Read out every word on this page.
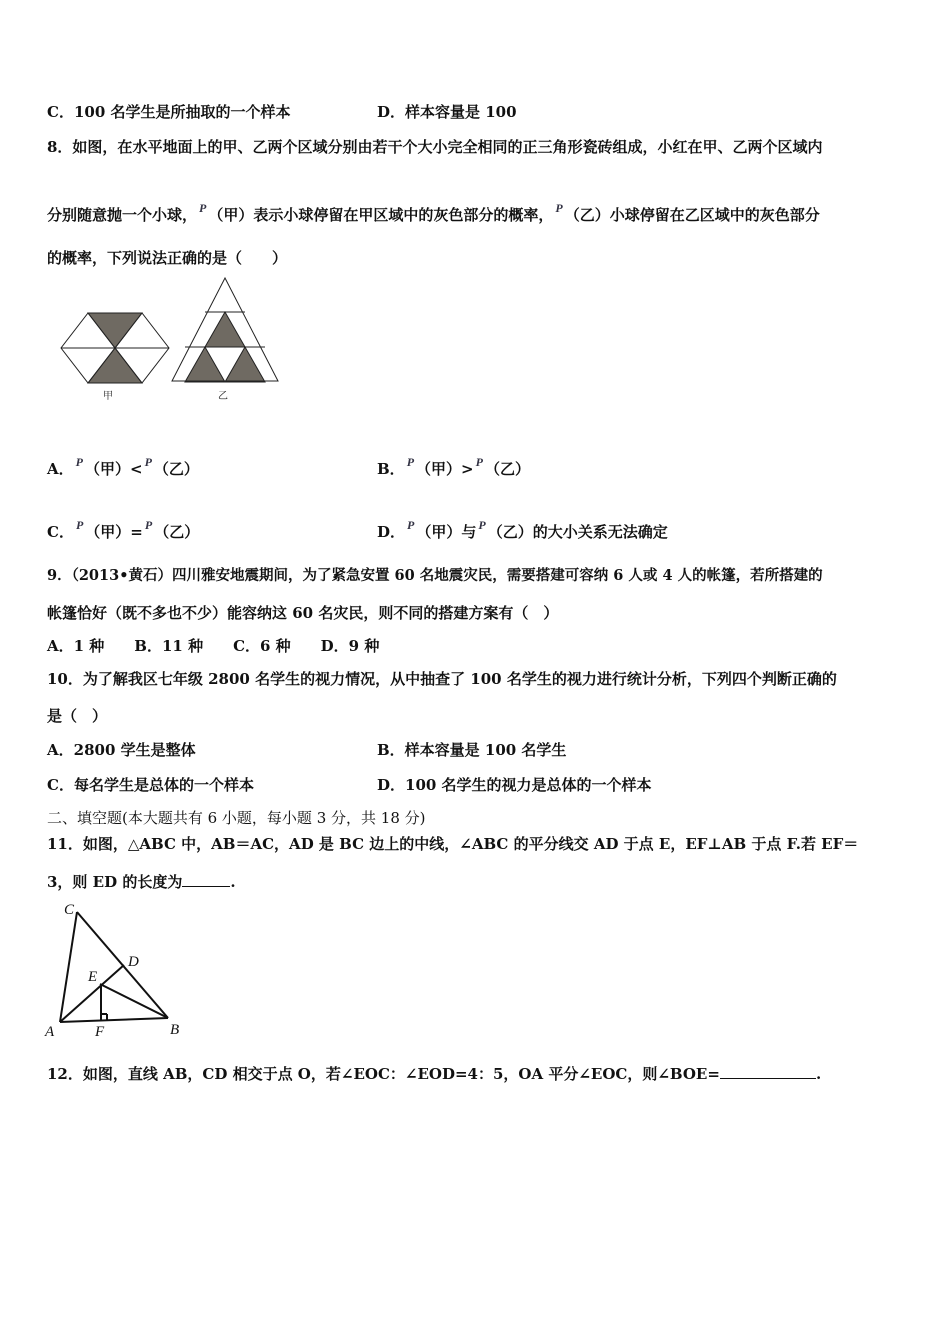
C．100 名学生是所抽取的一个样本	D．样本容量是 100
8．如图，在水平地面上的甲、乙两个区域分别由若干个大小完全相同的正三角形瓷砖组成，小红在甲、乙两个区域内
分别随意抛一个小球， $^P$ （甲）表示小球停留在甲区域中的灰色部分的概率， $^P$ （乙）小球停留在乙区域中的灰色部分
的概率，下列说法正确的是（　　）
甲	乙
A． $^P$ （甲）< $^P$ （乙）	B． $^P$ （甲）> $^P$ （乙）
C． $^P$ （甲）= $^P$ （乙）	D． $^P$ （甲）与 $^P$ （乙）的大小关系无法确定
9．（2013•黄石）四川雅安地震期间，为了紧急安置 60 名地震灾民，需要搭建可容纳 6 人或 4 人的帐篷，若所搭建的
帐篷恰好（既不多也不少）能容纳这 60 名灾民，则不同的搭建方案有（　）
A．1 种　　B．11 种　　C．6 种　　D．9 种
10．为了解我区七年级 2800 名学生的视力情况，从中抽查了 100 名学生的视力进行统计分析，下列四个判断正确的
是（　）
A．2800 学生是整体	B．样本容量是 100 名学生
C．每名学生是总体的一个样本	D．100 名学生的视力是总体的一个样本
二、填空题(本大题共有 6 小题，每小题 3 分，共 18 分)
11．如图，△ABC 中，AB＝AC，AD 是 BC 边上的中线，∠ABC 的平分线交 AD 于点 E，EF⊥AB 于点 F.若 EF＝
3，则 ED 的长度为	.
C
D
E
A	F	B
12．如图，直线 AB，CD 相交于点 O，若∠EOC：∠EOD=4：5，OA 平分∠EOC，则∠BOE=	.
